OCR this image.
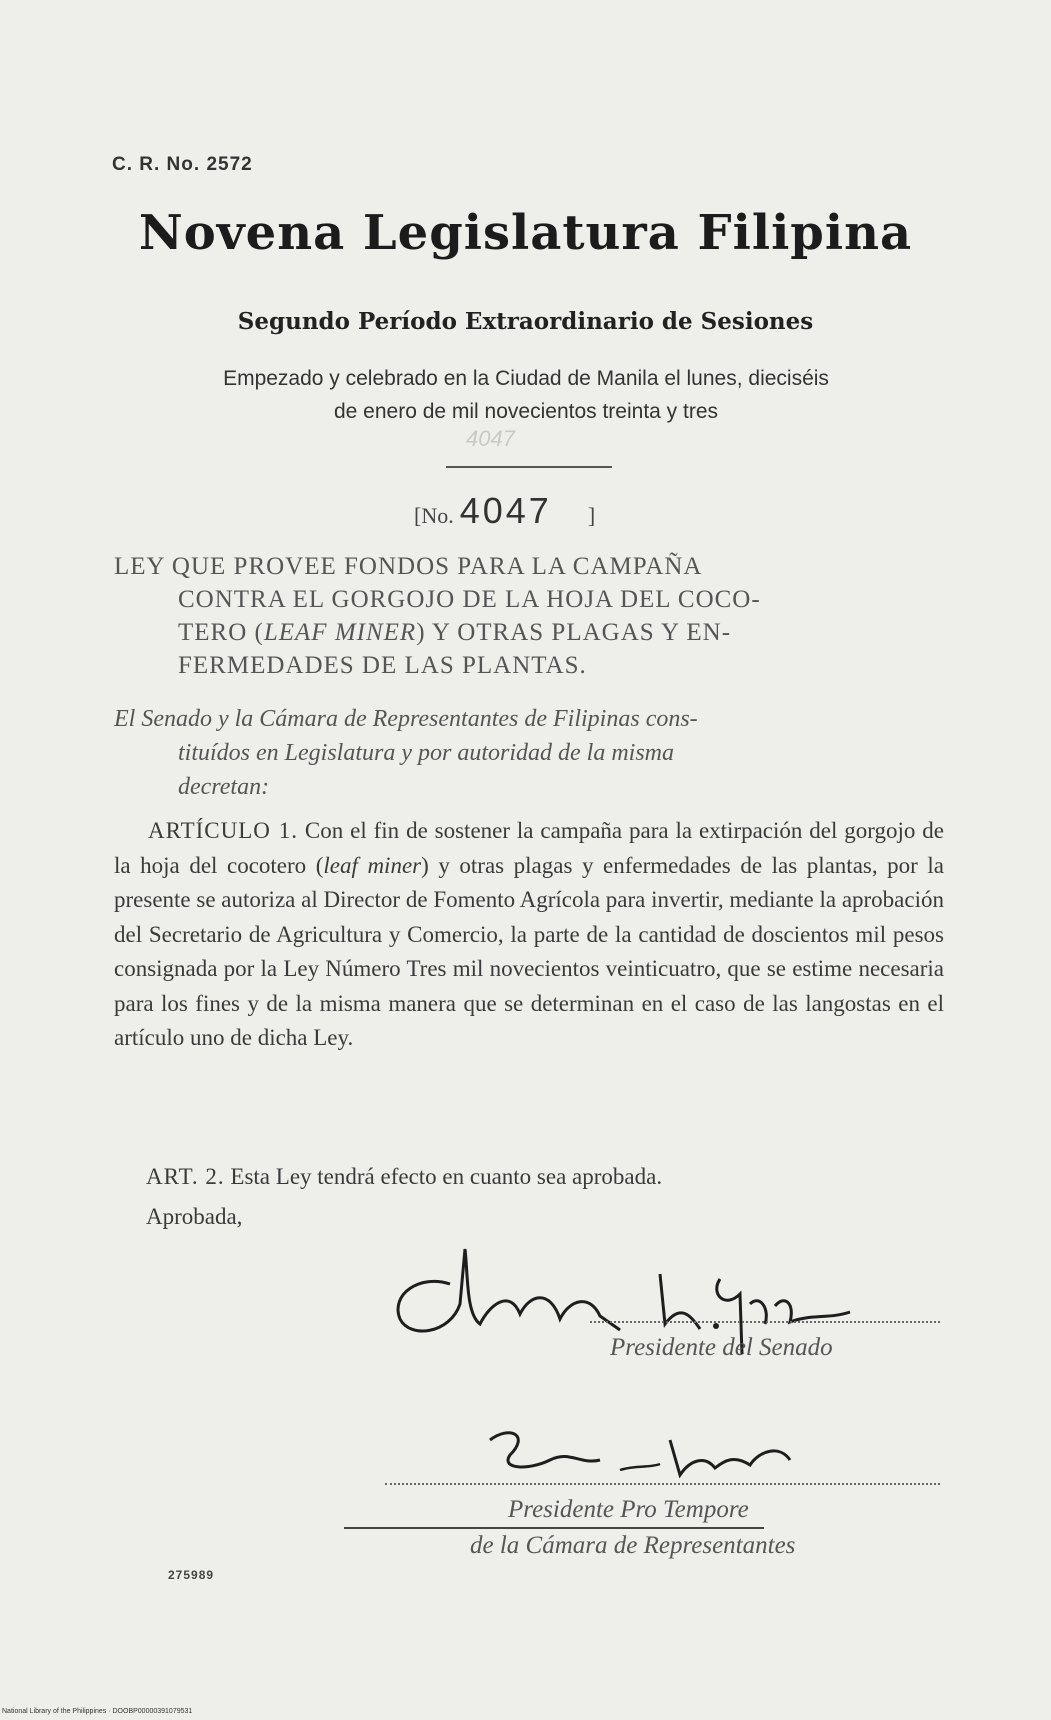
C. R. No. 2572
Novena Legislatura Filipina
Segundo Período Extraordinario de Sesiones
Empezado y celebrado en la Ciudad de Manila el lunes, dieciséis
de enero de mil novecientos treinta y tres
4047
[No. 4047 ]
LEY QUE PROVEE FONDOS PARA LA CAMPAÑA
CONTRA EL GORGOJO DE LA HOJA DEL COCO-
TERO (LEAF MINER) Y OTRAS PLAGAS Y EN-
FERMEDADES DE LAS PLANTAS.
El Senado y la Cámara de Representantes de Filipinas cons-
tituídos en Legislatura y por autoridad de la misma
decretan:
ARTÍCULO 1. Con el fin de sostener la campaña para la extirpación del gorgojo de la hoja del cocotero (leaf miner) y otras plagas y enfermedades de las plantas, por la presente se autoriza al Director de Fomento Agrícola para invertir, mediante la aprobación del Secretario de Agricultura y Comercio, la parte de la cantidad de doscientos mil pesos consignada por la Ley Número Tres mil novecientos veinticuatro, que se estime necesaria para los fines y de la misma manera que se determinan en el caso de las langostas en el artículo uno de dicha Ley.
ART. 2. Esta Ley tendrá efecto en cuanto sea aprobada.
Aprobada,
Presidente del Senado
Presidente Pro Tempore
de la Cámara de Representantes
275989
National Library of the Philippines · DOOBP00000391079531
